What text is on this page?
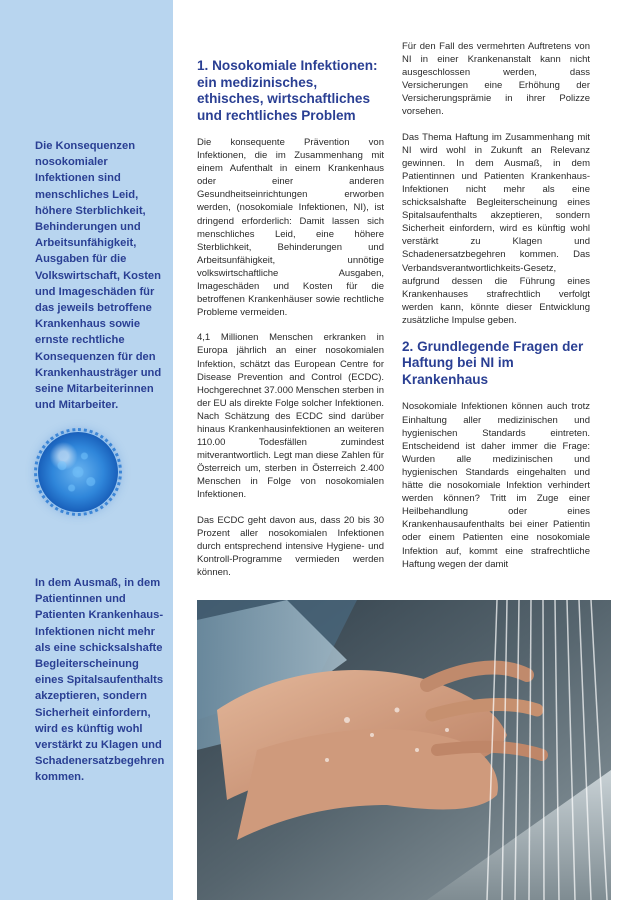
Die Konsequenzen nosokomialer Infektionen sind menschliches Leid, höhere Sterblichkeit, Behinderungen und Arbeitsunfähigkeit, Ausgaben für die Volkswirtschaft, Kosten und Imageschäden für das jeweils betroffene Krankenhaus sowie ernste rechtliche Konsequenzen für den Krankenhausträger und seine Mitarbeiterinnen und Mitarbeiter.

In dem Ausmaß, in dem Patientinnen und Patienten Krankenhaus-Infektionen nicht mehr als eine schicksalshafte Begleiterscheinung eines Spitalsaufenthalts akzeptieren, sondern Sicherheit einfordern, wird es künftig wohl verstärkt zu Klagen und Schadenersatzbegehren kommen.

1. Nosokomiale Infektionen: ein medizinisches, ethisches, wirtschaftliches und rechtliches Problem

Die konsequente Prävention von Infektionen, die im Zusammenhang mit einem Aufenthalt in einem Krankenhaus oder einer anderen Gesundheitseinrichtungen erworben werden, (nosokomiale Infektionen, NI), ist dringend erforderlich: Damit lassen sich menschliches Leid, eine höhere Sterblichkeit, Behinderungen und Arbeitsunfähigkeit, unnötige volkswirtschaftliche Ausgaben, Imageschäden und Kosten für die betroffenen Krankenhäuser sowie rechtliche Probleme vermeiden.

4,1 Millionen Menschen erkranken in Europa jährlich an einer nosokomialen Infektion, schätzt das European Centre for Disease Prevention and Control (ECDC). Hochgerechnet 37.000 Menschen sterben in der EU als direkte Folge solcher Infektionen. Nach Schätzung des ECDC sind darüber hinaus Krankenhausinfektionen an weiteren 110.00 Todesfällen zumindest mitverantwortlich. Legt man diese Zahlen für Österreich um, sterben in Österreich 2.400 Menschen in Folge von nosokomialen Infektionen.

Das ECDC geht davon aus, dass 20 bis 30 Prozent aller nosokomialen Infektionen durch entsprechend intensive Hygiene- und Kontroll-Programme vermieden werden können.

Für den Fall des vermehrten Auftretens von NI in einer Krankenanstalt kann nicht ausgeschlossen werden, dass Versicherungen eine Erhöhung der Versicherungsprämie in ihrer Polizze vorsehen.

Das Thema Haftung im Zusammenhang mit NI wird wohl in Zukunft an Relevanz gewinnen. In dem Ausmaß, in dem Patientinnen und Patienten Krankenhaus-Infektionen nicht mehr als eine schicksalshafte Begleiterscheinung eines Spitalsaufenthalts akzeptieren, sondern Sicherheit einfordern, wird es künftig wohl verstärkt zu Klagen und Schadenersatzbegehren kommen. Das Verbandsverantwortlichkeits-Gesetz, aufgrund dessen die Führung eines Krankenhauses strafrechtlich verfolgt werden kann, könnte dieser Entwicklung zusätzliche Impulse geben.

2. Grundlegende Fragen der Haftung bei NI im Krankenhaus

Nosokomiale Infektionen können auch trotz Einhaltung aller medizinischen und hygienischen Standards eintreten. Entscheidend ist daher immer die Frage: Wurden alle medizinischen und hygienischen Standards eingehalten und hätte die nosokomiale Infektion verhindert werden können? Tritt im Zuge einer Heilbehandlung oder eines Krankenhausaufenthalts bei einer Patientin oder einem Patienten eine nosokomiale Infektion auf, kommt eine strafrechtliche Haftung wegen der damit
